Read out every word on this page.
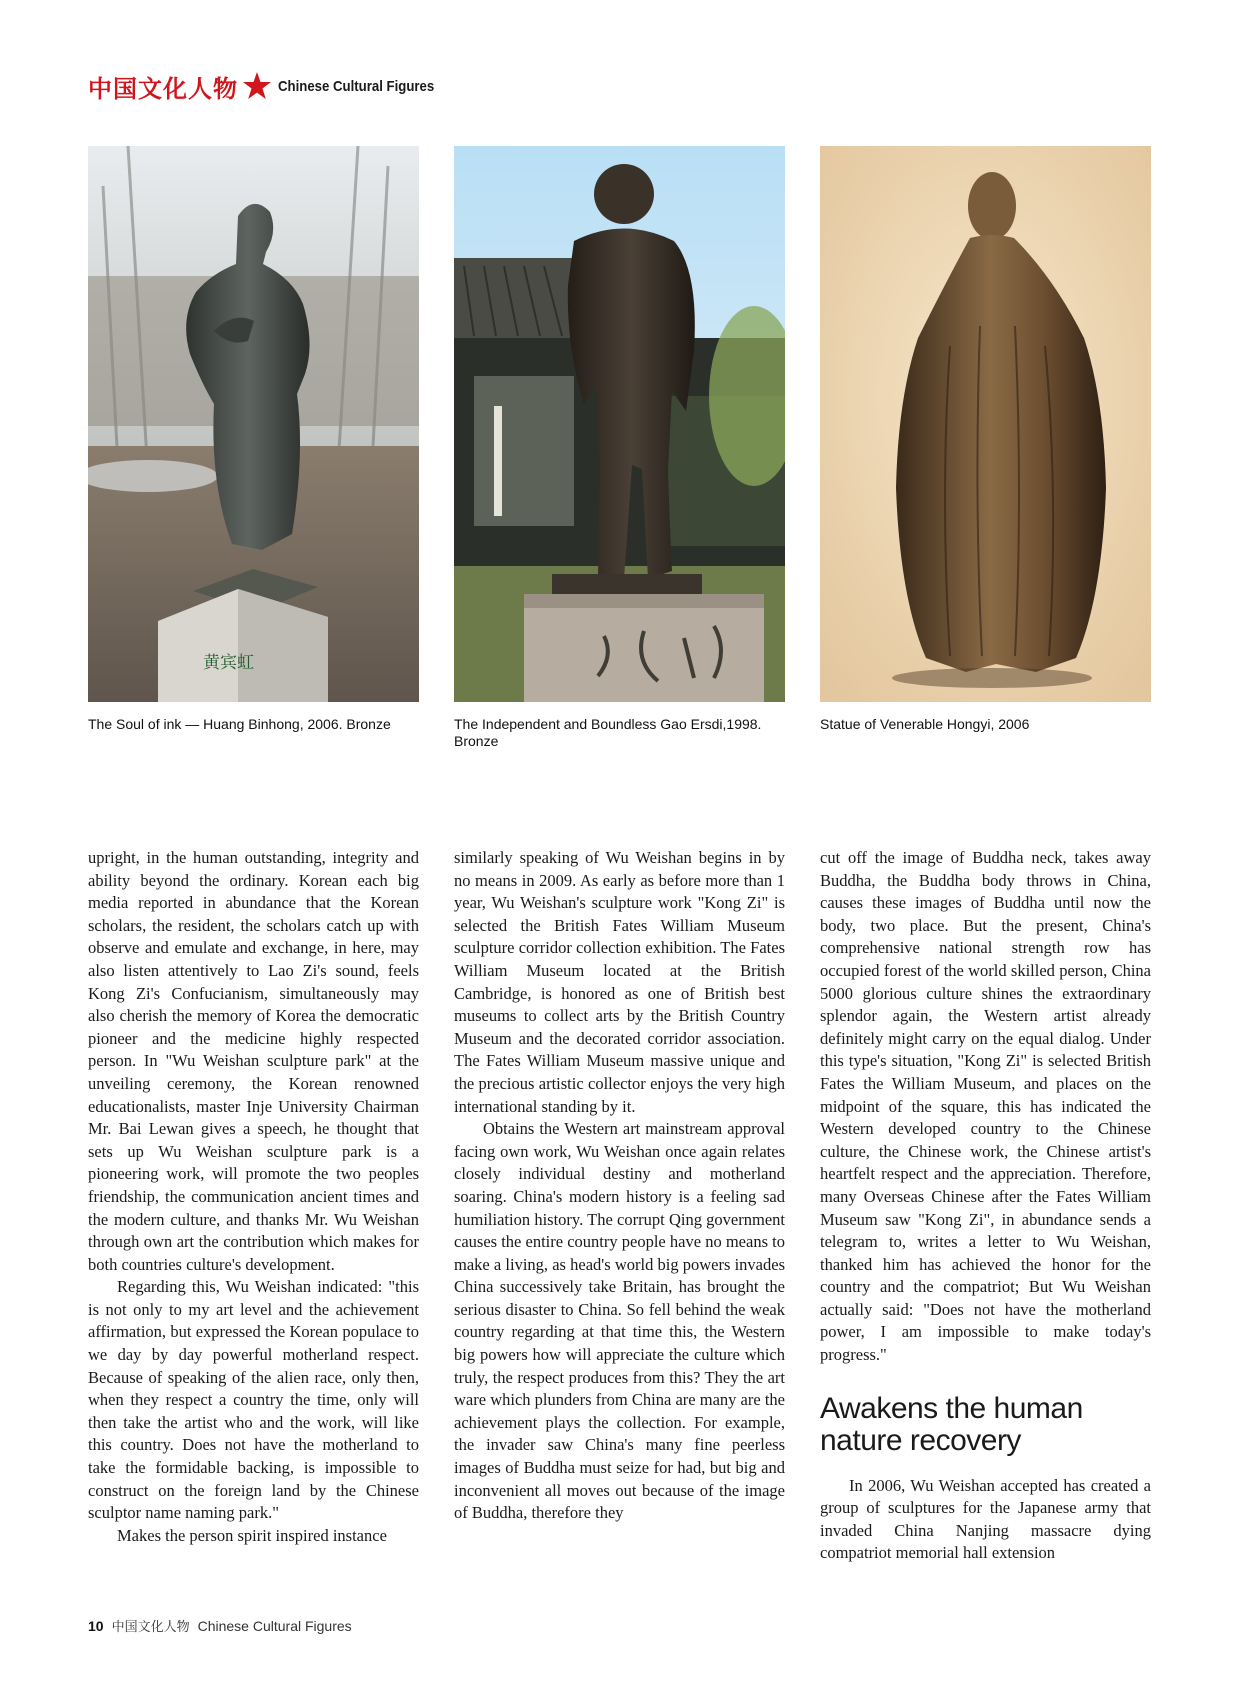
中国文化人物	Chinese Cultural Figures
黄宾虹
The Soul of ink — Huang Binhong, 2006. Bronze	The Independent and Boundless Gao Ersdi,1998. Bronze
Statue of Venerable Hongyi, 2006

upright, in the human outstanding, integrity and ability beyond the ordinary. Korean each big media reported in abundance that the Korean scholars, the resident, the scholars catch up with observe and emulate and exchange, in here, may also listen attentively to Lao Zi's sound, feels Kong Zi's Confucianism, simultaneously may also cherish the memory of Korea the democratic pioneer and the medicine highly respected person. In "Wu Weishan sculpture park" at the unveiling ceremony, the Korean renowned educationalists, master Inje University Chairman Mr. Bai Lewan gives a speech, he thought that sets up Wu Weishan sculpture park is a pioneering work, will promote the two peoples friendship, the communication ancient times and the modern culture, and thanks Mr. Wu Weishan through own art the contribution which makes for both countries culture's development.

Regarding this, Wu Weishan indicated: "this is not only to my art level and the achievement affirmation, but expressed the Korean populace to we day by day powerful motherland respect. Because of speaking of the alien race, only then, when they respect a country the time, only will then take the artist who and the work, will like this country. Does not have the motherland to take the formidable backing, is impossible to construct on the foreign land by the Chinese sculptor name naming park."

Makes the person spirit inspired instance

similarly speaking of Wu Weishan begins in by no means in 2009. As early as before more than 1 year, Wu Weishan's sculpture work "Kong Zi" is selected the British Fates William Museum sculpture corridor collection exhibition. The Fates William Museum located at the British Cambridge, is honored as one of British best museums to collect arts by the British Country Museum and the decorated corridor association. The Fates William Museum massive unique and the precious artistic collector enjoys the very high international standing by it.

Obtains the Western art mainstream approval facing own work, Wu Weishan once again relates closely individual destiny and motherland soaring. China's modern history is a feeling sad humiliation history. The corrupt Qing government causes the entire country people have no means to make a living, as head's world big powers invades China successively take Britain, has brought the serious disaster to China. So fell behind the weak country regarding at that time this, the Western big powers how will appreciate the culture which truly, the respect produces from this? They the art ware which plunders from China are many are the achievement plays the collection. For example, the invader saw China's many fine peerless images of Buddha must seize for had, but big and inconvenient all moves out because of the image of Buddha, therefore they

cut off the image of Buddha neck, takes away Buddha, the Buddha body throws in China, causes these images of Buddha until now the body, two place. But the present, China's comprehensive national strength row has occupied forest of the world skilled person, China 5000 glorious culture shines the extraordinary splendor again, the Western artist already definitely might carry on the equal dialog. Under this type's situation, "Kong Zi" is selected British Fates the William Museum, and places on the midpoint of the square, this has indicated the Western developed country to the Chinese culture, the Chinese work, the Chinese artist's heartfelt respect and the appreciation. Therefore, many Overseas Chinese after the Fates William Museum saw "Kong Zi", in abundance sends a telegram to, writes a letter to Wu Weishan, thanked him has achieved the honor for the country and the compatriot; But Wu Weishan actually said: "Does not have the motherland power, I am impossible to make today's progress."

Awakens the human nature recovery

In 2006, Wu Weishan accepted has created a group of sculptures for the Japanese army that invaded China Nanjing massacre dying compatriot memorial hall extension

10 中国文化人物 Chinese Cultural Figures
